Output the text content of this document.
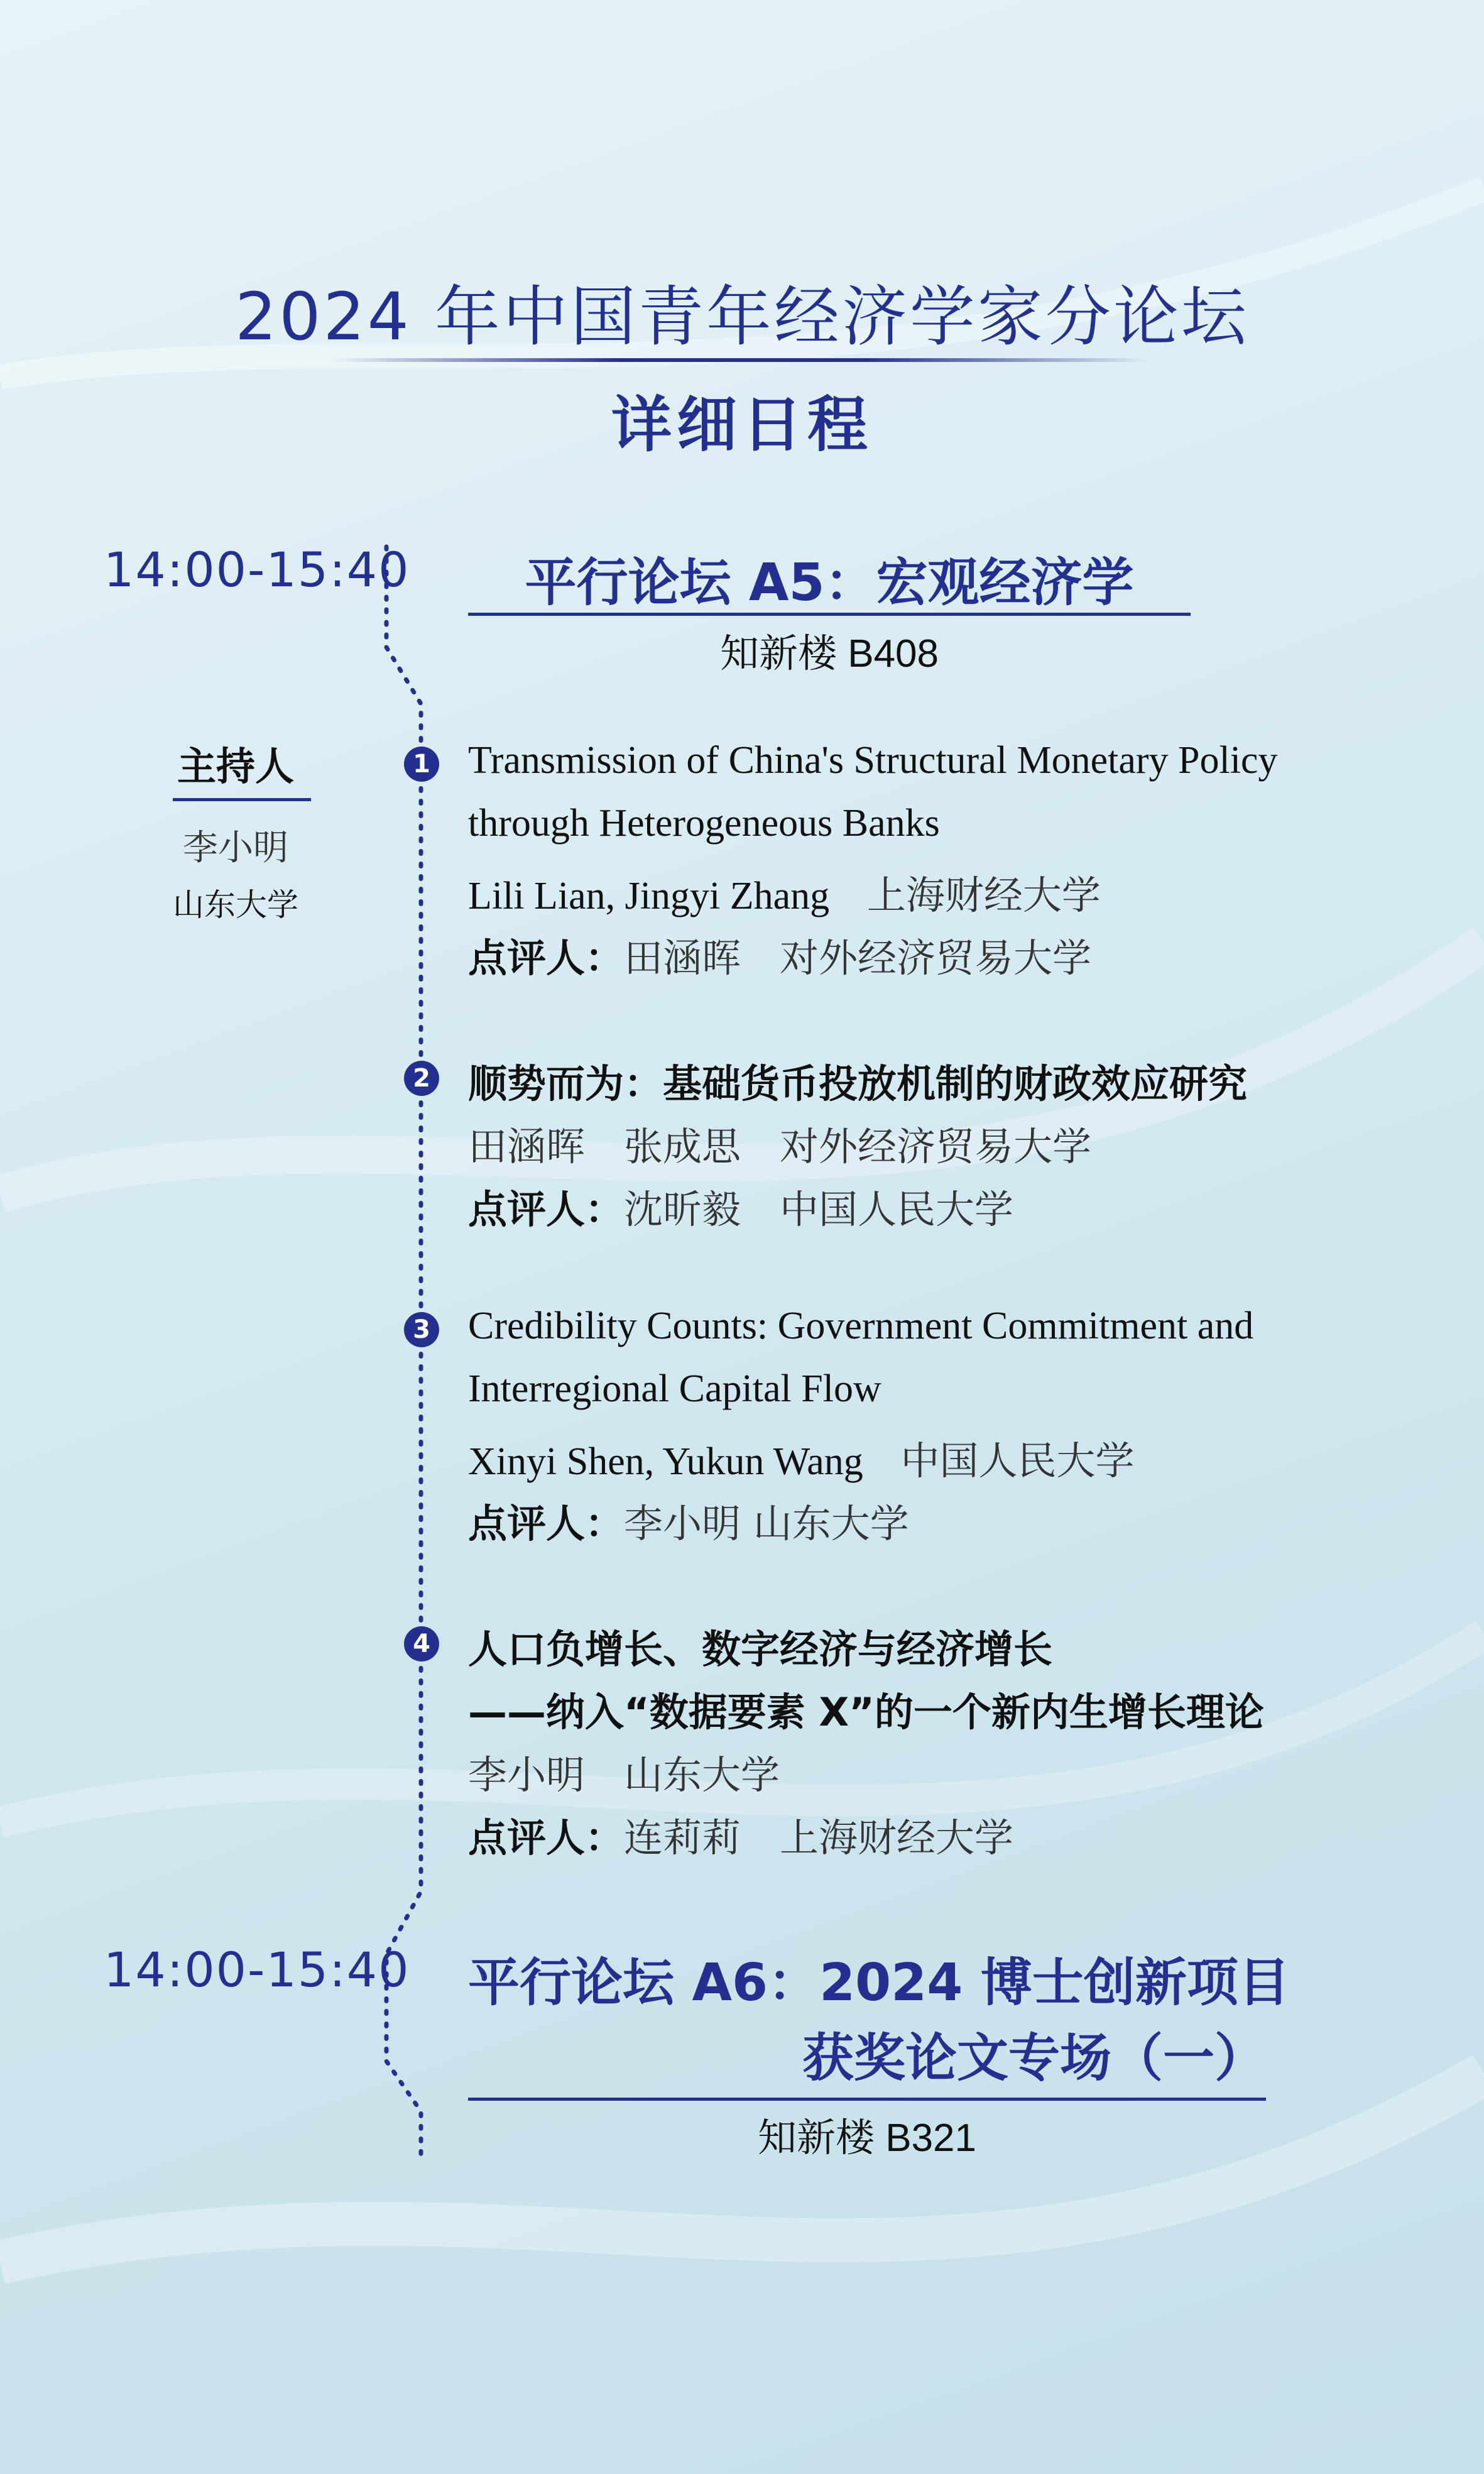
2024 年中国青年经济学家分论坛
详细日程
14:00-15:40	平行论坛 A5：宏观经济学
知新楼 B408
主持人
李小明
山东大学
1 Transmission of China's Structural Monetary Policy
through Heterogeneous Banks
Lili Lian, Jingyi Zhang 上海财经大学
点评人：田涵晖　对外经济贸易大学
2 顺势而为：基础货币投放机制的财政效应研究
田涵晖　张成思　对外经济贸易大学
点评人：沈昕毅　中国人民大学
3 Credibility Counts: Government Commitment and
Interregional Capital Flow
Xinyi Shen, Yukun Wang 中国人民大学
点评人：李小明 山东大学
4 人口负增长、数字经济与经济增长
——纳入“数据要素 X”的一个新内生增长理论
李小明　山东大学
点评人：连莉莉　上海财经大学
14:00-15:40 平行论坛 A6：2024 博士创新项目
获奖论文专场（一）
知新楼 B321
